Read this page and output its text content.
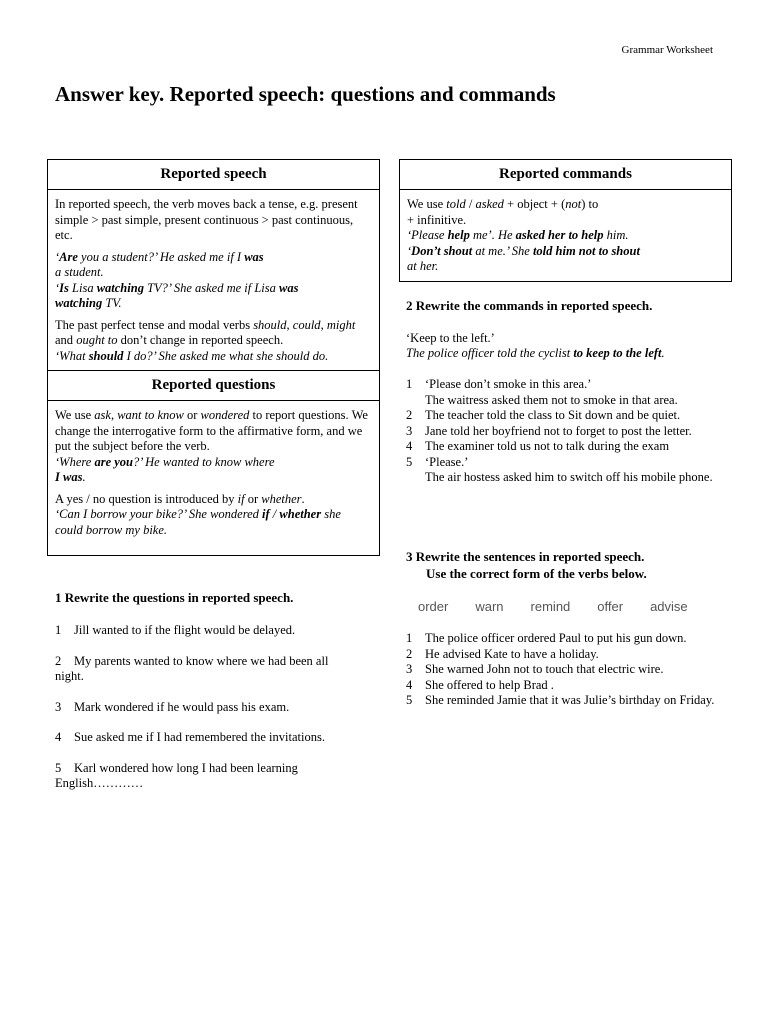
Grammar Worksheet
Answer key. Reported speech: questions and commands
Reported speech

In reported speech, the verb moves back a tense, e.g. present simple > past simple, present continuous > past continuous, etc.

‘Are you a student?’ He asked me if I was
a student.

‘Is Lisa watching TV?’ She asked me if Lisa was
watching TV.

The past perfect tense and modal verbs should, could, might and ought to don’t change in reported speech.

‘What should I do?’ She asked me what she should do.

Reported questions

We use ask, want to know or wondered to report questions. We change the interrogative form to the affirmative form, and we put the subject before the verb.

‘Where are you?’ He wanted to know where
I was.

A yes / no question is introduced by if or whether.

‘Can I borrow your bike?’ She wondered if / whether she could borrow my bike.

Reported commands

We use told / asked + object + (not) to
+ infinitive.

‘Please help me’. He asked her to help him.

‘Don’t shout at me.’ She told him not to shout
at her.

1 Rewrite the questions in reported speech.
1	Jill wanted to if the flight would be delayed.
2 My parents wanted to know where we had been all night.
3	Mark wondered if he would pass his exam.
4 Sue asked me if I had remembered the invitations.
5 Karl wondered how long I had been learning English…………
2 Rewrite the commands in reported speech.
‘Keep to the left.’
The police officer told the cyclist to keep to the left.
1 ‘Please don’t smoke in this area.’
The waitress asked them not to smoke in that area.
2 The teacher told the class to Sit down and be quiet.
3 Jane told her boyfriend not to forget to post the letter.
4 The examiner told us not to talk during the exam
5 ‘Please.’
The air hostess asked him to switch off his mobile phone.
3 Rewrite the sentences in reported speech.
Use the correct form of the verbs below.
order warn remind offer advise
1 The police officer ordered Paul to put his gun down.
2 He advised Kate to have a holiday.
3 She warned John not to touch that electric wire.
4 She offered to help Brad .
5	She reminded Jamie that it was Julie’s birthday on Friday.
